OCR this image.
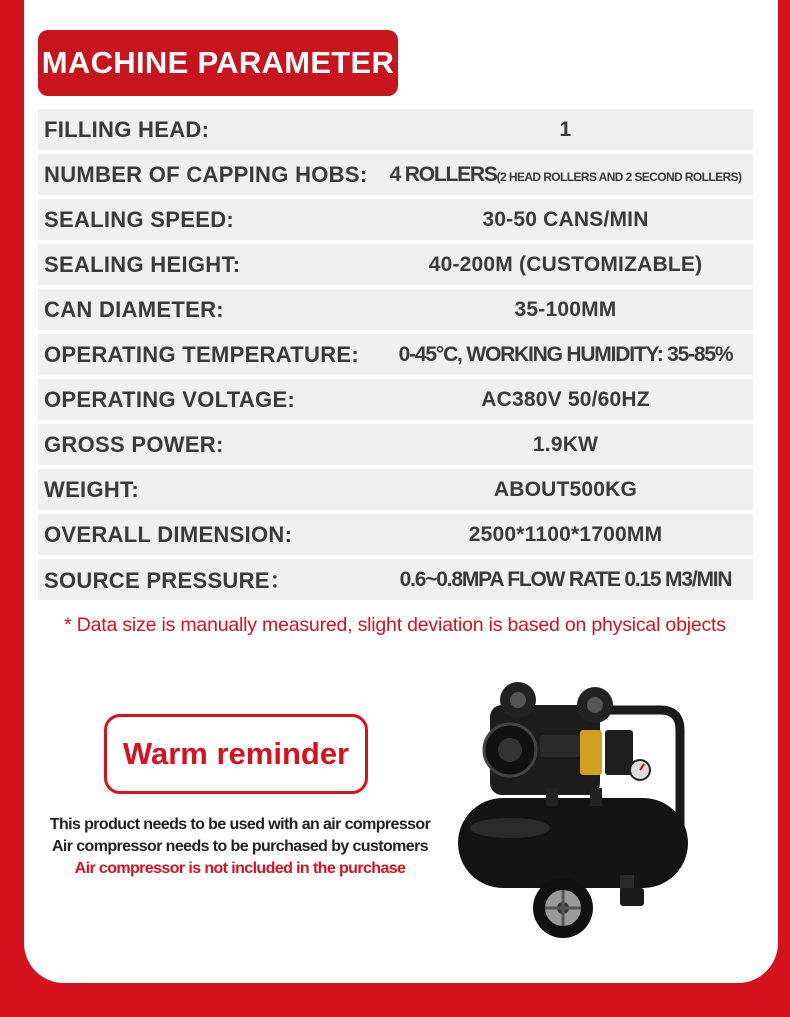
MACHINE PARAMETER
FILLING HEAD:	1
NUMBER OF CAPPING HOBS:	4 ROLLERS(2 HEAD ROLLERS AND 2 SECOND ROLLERS)
SEALING SPEED:	30-50 CANS/MIN
SEALING HEIGHT:	40-200M (CUSTOMIZABLE)
CAN DIAMETER:	35-100MM
OPERATING TEMPERATURE:	0-45°C, WORKING HUMIDITY: 35-85%
OPERATING VOLTAGE:	AC380V 50/60HZ
GROSS POWER:	1.9KW
WEIGHT:	ABOUT500KG
OVERALL DIMENSION:	2500*1100*1700MM
SOURCE PRESSURE：	0.6~0.8MPA FLOW RATE 0.15 M3/MIN
* Data size is manually measured, slight deviation is based on physical objects
Warm reminder
This product needs to be used with an air compressor
Air compressor needs to be purchased by customers
Air compressor is not included in the purchase
